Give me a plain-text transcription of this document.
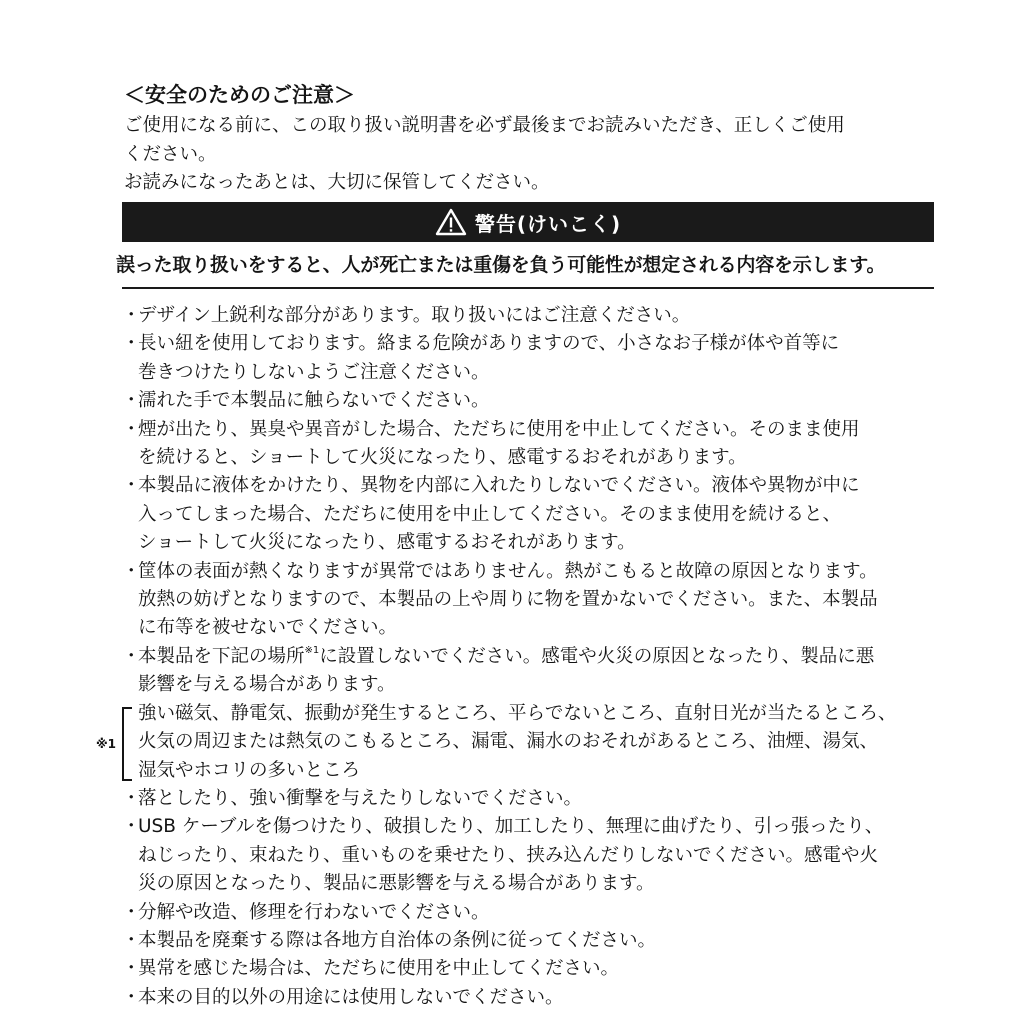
＜安全のためのご注意＞

ご使用になる前に、この取り扱い説明書を必ず最後までお読みいただき、正しくご使用

ください。

お読みになったあとは、大切に保管してください。

警告(けいこく)
誤った取り扱いをすると、人が死亡または重傷を負う可能性が想定される内容を示します。
・
デザイン上鋭利な部分があります。取り扱いにはご注意ください。
・
長い紐を使用しております。絡まる危険がありますので、小さなお子様が体や首等に
巻きつけたりしないようご注意ください。
・
濡れた手で本製品に触らないでください。
・
煙が出たり、異臭や異音がした場合、ただちに使用を中止してください。そのまま使用
を続けると、ショートして火災になったり、感電するおそれがあります。
・
本製品に液体をかけたり、異物を内部に入れたりしないでください。液体や異物が中に
入ってしまった場合、ただちに使用を中止してください。そのまま使用を続けると、
ショートして火災になったり、感電するおそれがあります。
・
筐体の表面が熱くなりますが異常ではありません。熱がこもると故障の原因となります。
放熱の妨げとなりますので、本製品の上や周りに物を置かないでください。また、本製品
に布等を被せないでください。
・
本製品を下記の場所$^{※1}$に設置しないでください。感電や火災の原因となったり、製品に悪
影響を与える場合があります。
※1
強い磁気、静電気、振動が発生するところ、平らでないところ、直射日光が当たるところ、
火気の周辺または熱気のこもるところ、漏電、漏水のおそれがあるところ、油煙、湯気、
湿気やホコリの多いところ
・
落としたり、強い衝撃を与えたりしないでください。
・
USB ケーブルを傷つけたり、破損したり、加工したり、無理に曲げたり、引っ張ったり、
ねじったり、束ねたり、重いものを乗せたり、挟み込んだりしないでください。感電や火
災の原因となったり、製品に悪影響を与える場合があります。
・
分解や改造、修理を行わないでください。
・
本製品を廃棄する際は各地方自治体の条例に従ってください。
・
異常を感じた場合は、ただちに使用を中止してください。
・
本来の目的以外の用途には使用しないでください。
